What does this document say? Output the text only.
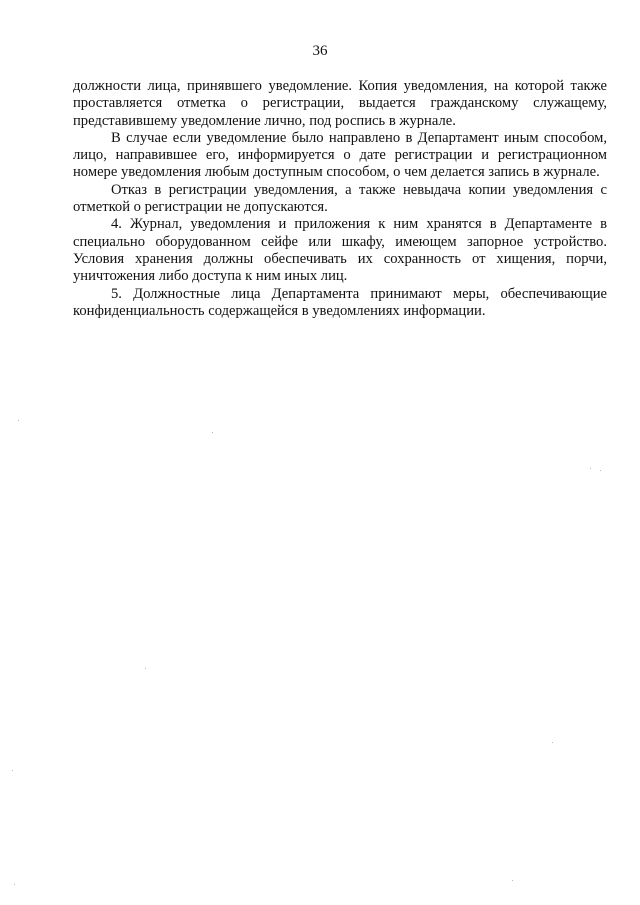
36

должности лица, принявшего уведомление. Копия уведомления, на которой также проставляется отметка о регистрации, выдается гражданскому служащему, представившему уведомление лично, под роспись в журнале.

В случае если уведомление было направлено в Департамент иным способом, лицо, направившее его, информируется о дате регистрации и регистрационном номере уведомления любым доступным способом, о чем делается запись в журнале.

Отказ в регистрации уведомления, а также невыдача копии уведомления с отметкой о регистрации не допускаются.

4. Журнал, уведомления и приложения к ним хранятся в Департаменте в специально оборудованном сейфе или шкафу, имеющем запорное устройство. Условия хранения должны обеспечивать их сохранность от хищения, порчи, уничтожения либо доступа к ним иных лиц.

5. Должностные лица Департамента принимают меры, обеспечивающие конфиденциальность содержащейся в уведомлениях информации.
